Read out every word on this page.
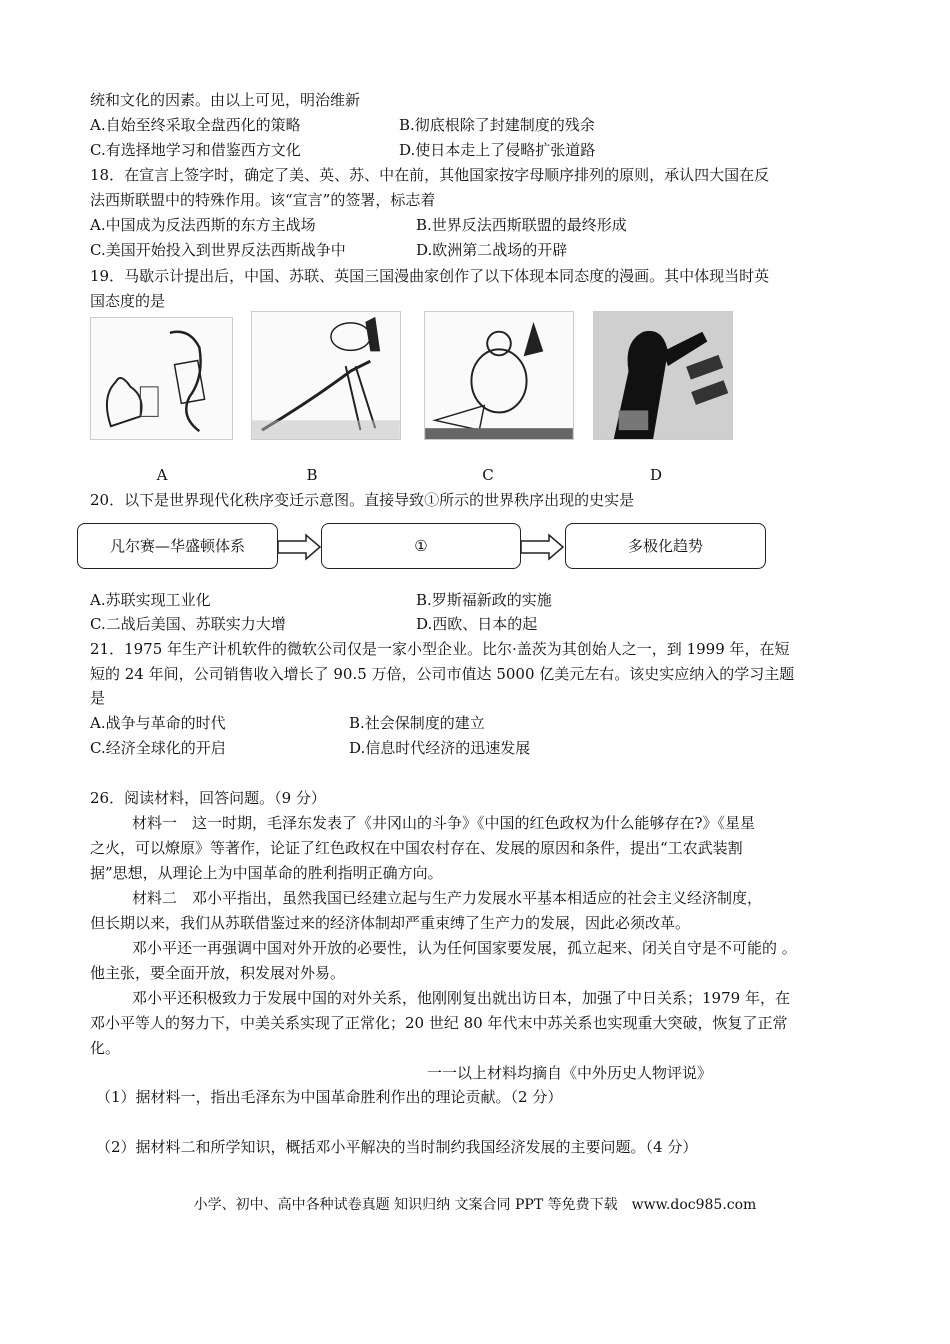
统和文化的因素。由以上可见，明治维新
A.自始至终采取全盘西化的策略	B.彻底根除了封建制度的残余
C.有选择地学习和借鉴西方文化	D.使日本走上了侵略扩张道路
18．在宣言上签字时，确定了美、英、苏、中在前，其他国家按字母顺序排列的原则，承认四大国在反
法西斯联盟中的特殊作用。该“宣言”的签署，标志着
A.中国成为反法西斯的东方主战场	B.世界反法西斯联盟的最终形成
C.美国开始投入到世界反法西斯战争中	D.欧洲第二战场的开辟
19．马歇示计提出后，中国、苏联、英国三国漫曲家创作了以下体现本同态度的漫画。其中体现当时英
国态度的是
A	B	C	D
20．以下是世界现代化秩序变迁示意图。直接导致①所示的世界秩序出现的史实是
凡尔赛—华盛顿体系	①	多极化趋势
A.苏联实现工业化	B.罗斯福新政的实施
C.二战后美国、苏联实力大增	D.西欧、日本的起
21．1975 年生产计机软件的微软公司仅是一家小型企业。比尔·盖茨为其创始人之一，到 1999 年，在短
短的 24 年间，公司销售收入增长了 90.5 万倍，公司市值达 5000 亿美元左右。该史实应纳入的学习主题
是
A.战争与革命的时代	B.社会保制度的建立
C.经济全球化的开启	D.信息时代经济的迅速发展
26．阅读材料，回答问题。（9 分）
材料一　这一时期，毛泽东发表了《井冈山的斗争》《中国的红色政权为什么能够存在?》《星星
之火，可以燎原》等著作，论证了红色政权在中国农村存在、发展的原因和条件，提出“工农武装割
据”思想，从理论上为中国革命的胜利指明正确方向。
材料二　邓小平指出，虽然我国已经建立起与生产力发展水平基本相适应的社会主义经济制度，
但长期以来，我们从苏联借鉴过来的经济体制却严重束缚了生产力的发展，因此必须改革。
邓小平还一再强调中国对外开放的必要性，认为任何国家要发展，孤立起来、闭关自守是不可能的 。
他主张，要全面开放，积发展对外易。
邓小平还积极致力于发展中国的对外关系，他刚刚复出就出访日本，加强了中日关系；1979 年，在
邓小平等人的努力下，中美关系实现了正常化；20 世纪 80 年代末中苏关系也实现重大突破，恢复了正常
化。
一一以上材料均摘自《中外历史人物评说》
（1）据材料一，指出毛泽东为中国革命胜利作出的理论贡献。（2 分）
（2）据材料二和所学知识，概括邓小平解决的当时制约我国经济发展的主要问题。（4 分）
小学、初中、高中各种试卷真题 知识归纳 文案合同 PPT 等免费下载　www.doc985.com
